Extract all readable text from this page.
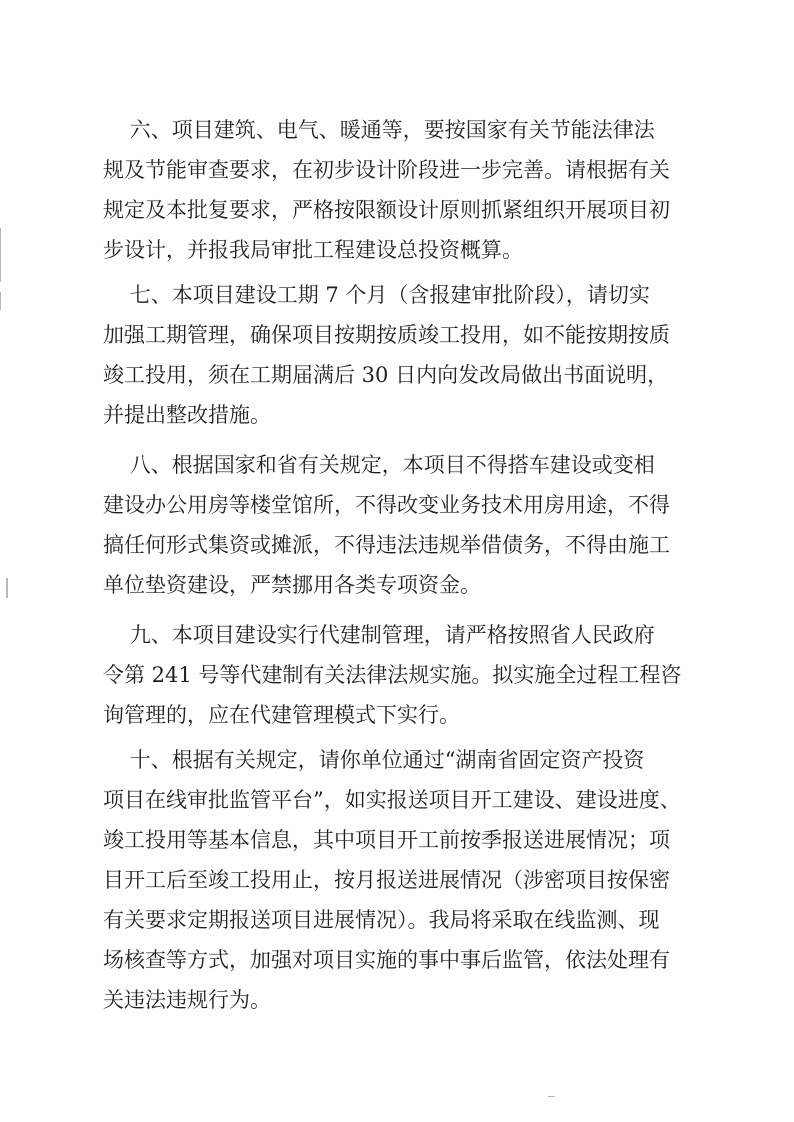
六、项目建筑、电气、暖通等，要按国家有关节能法律法
规及节能审查要求，在初步设计阶段进一步完善。请根据有关
规定及本批复要求，严格按限额设计原则抓紧组织开展项目初
步设计，并报我局审批工程建设总投资概算。
七、本项目建设工期 7 个月（含报建审批阶段），请切实
加强工期管理，确保项目按期按质竣工投用，如不能按期按质
竣工投用，须在工期届满后 30 日内向发改局做出书面说明，
并提出整改措施。
八、根据国家和省有关规定，本项目不得搭车建设或变相
建设办公用房等楼堂馆所，不得改变业务技术用房用途，不得
搞任何形式集资或摊派，不得违法违规举借债务，不得由施工
单位垫资建设，严禁挪用各类专项资金。
九、本项目建设实行代建制管理，请严格按照省人民政府
令第 241 号等代建制有关法律法规实施。拟实施全过程工程咨
询管理的，应在代建管理模式下实行。
十、根据有关规定，请你单位通过“湖南省固定资产投资
项目在线审批监管平台”，如实报送项目开工建设、建设进度、
竣工投用等基本信息，其中项目开工前按季报送进展情况；项
目开工后至竣工投用止，按月报送进展情况（涉密项目按保密
有关要求定期报送项目进展情况）。我局将采取在线监测、现
场核查等方式，加强对项目实施的事中事后监管，依法处理有
关违法违规行为。
